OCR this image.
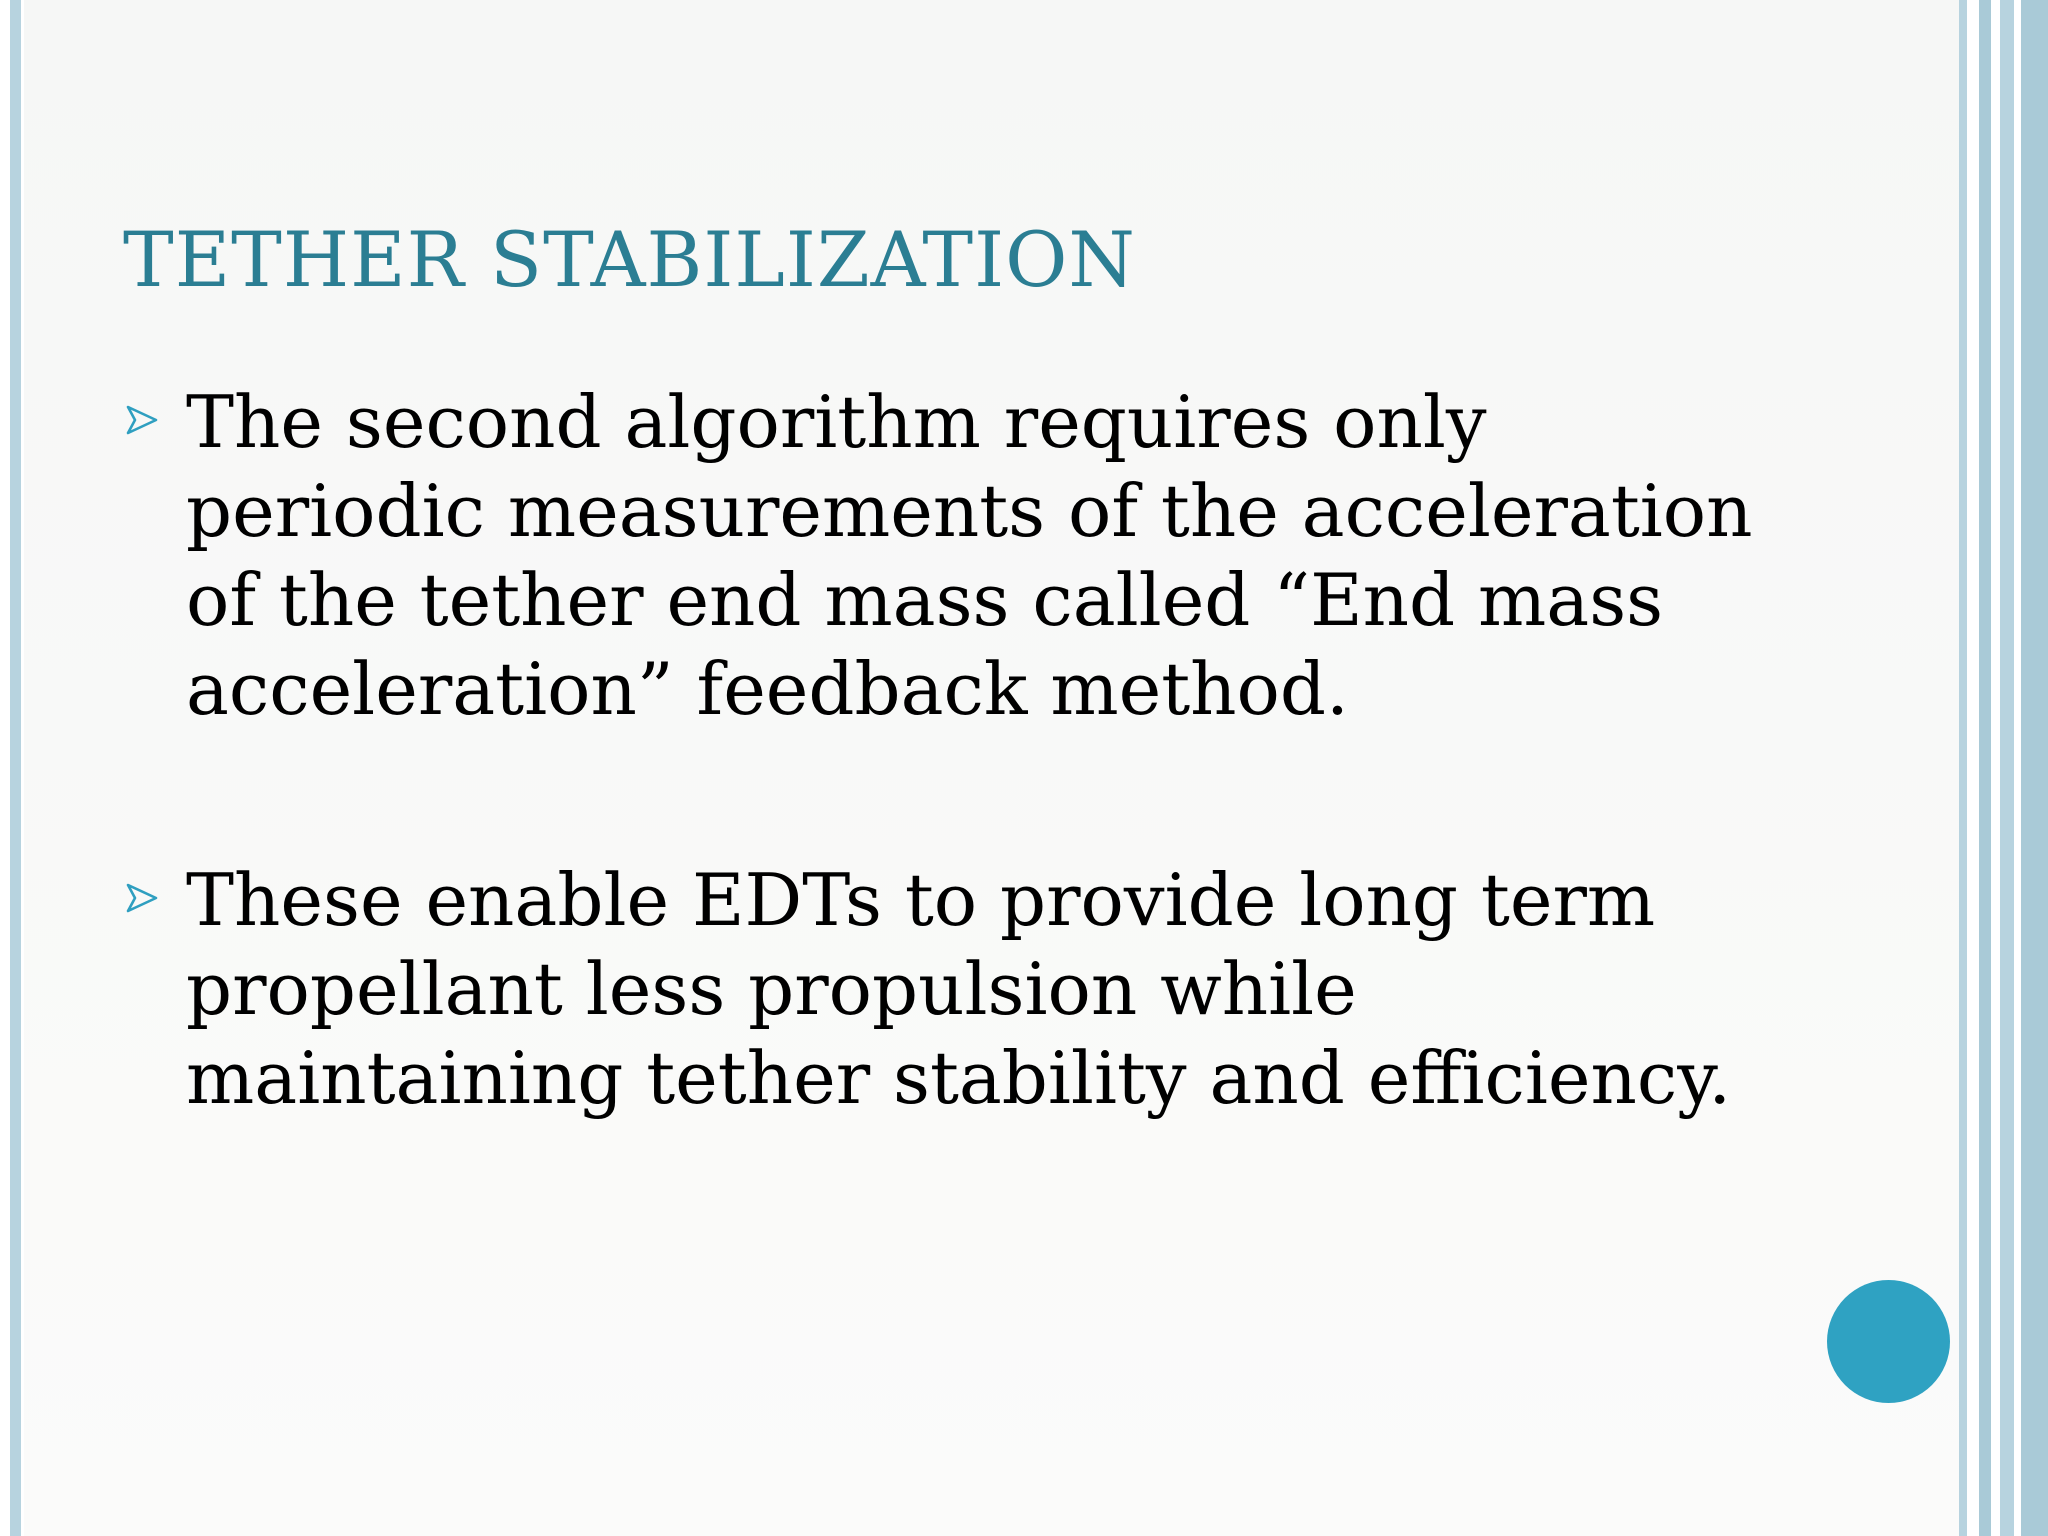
TETHER STABILIZATION

The second algorithm requires only periodic measurements of the acceleration of the tether end mass called “End mass acceleration” feedback method.

These enable EDTs to provide long term propellant less propulsion while maintaining tether stability and efficiency.
